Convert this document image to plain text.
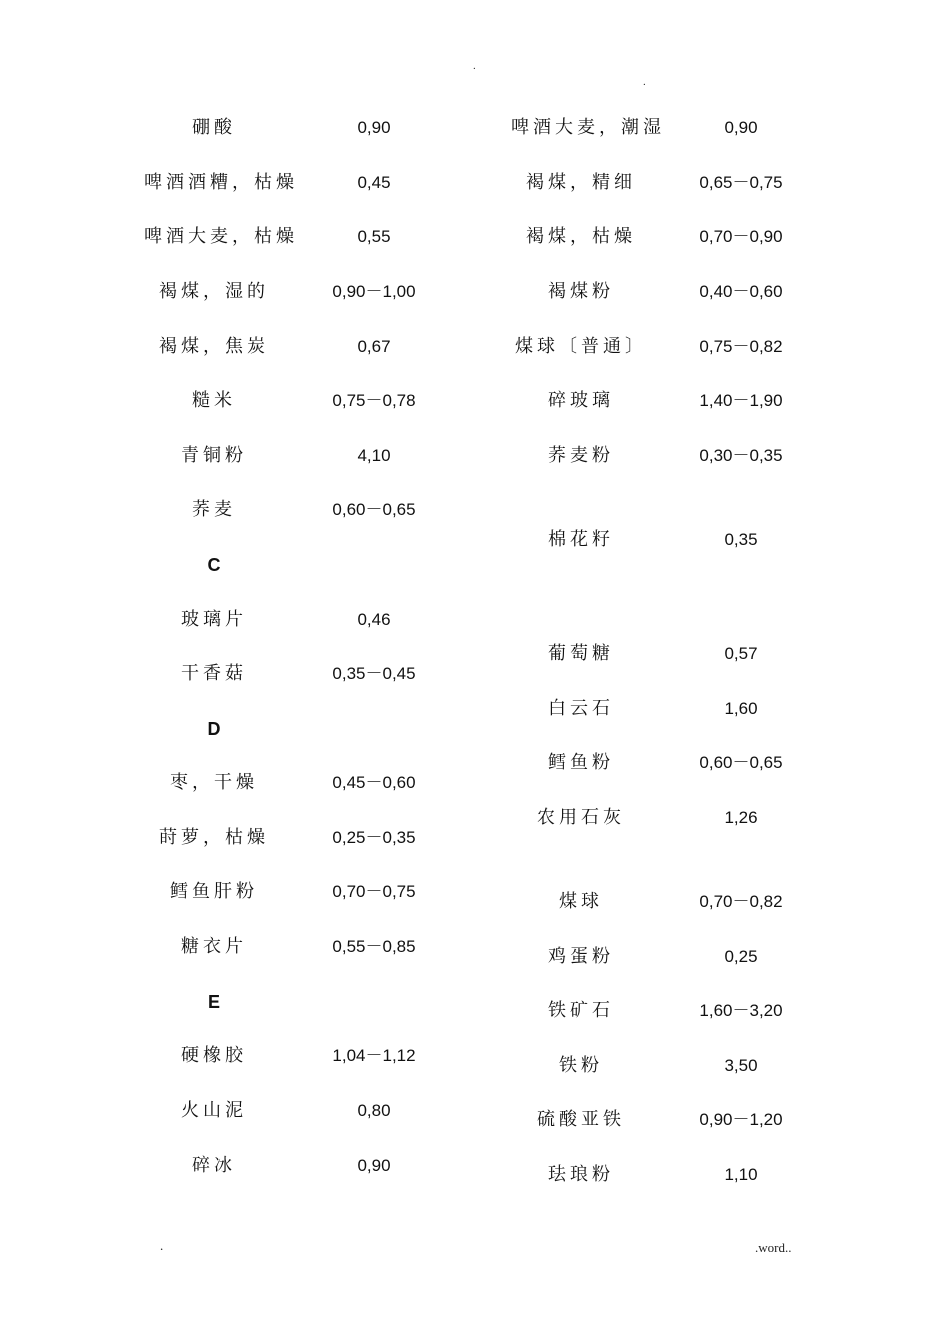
.
.
硼酸	0,90
啤酒酒糟，枯燥	0,45
啤酒大麦，枯燥	0,55
褐煤，湿的	0,90－1,00
褐煤，焦炭	0,67
糙米	0,75－0,78
青铜粉	4,10
荞麦	0,60－0,65
C
玻璃片	0,46
干香菇	0,35－0,45
D
枣，干燥	0,45－0,60
莳萝，枯燥	0,25－0,35
鳕鱼肝粉	0,70－0,75
糖衣片	0,55－0,85
E
硬橡胶	1,04－1,12
火山泥	0,80
碎冰	0,90
啤酒大麦，潮湿	0,90
褐煤，精细	0,65－0,75
褐煤，枯燥	0,70－0,90
褐煤粉	0,40－0,60
煤球〔普通〕	0,75－0,82
碎玻璃	1,40－1,90
荞麦粉	0,30－0,35
棉花籽	0,35
葡萄糖	0,57
白云石	1,60
鳕鱼粉	0,60－0,65
农用石灰	1,26
煤球	0,70－0,82
鸡蛋粉	0,25
铁矿石	1,60－3,20
铁粉	3,50
硫酸亚铁	0,90－1,20
珐琅粉	1,10
.	.word..
